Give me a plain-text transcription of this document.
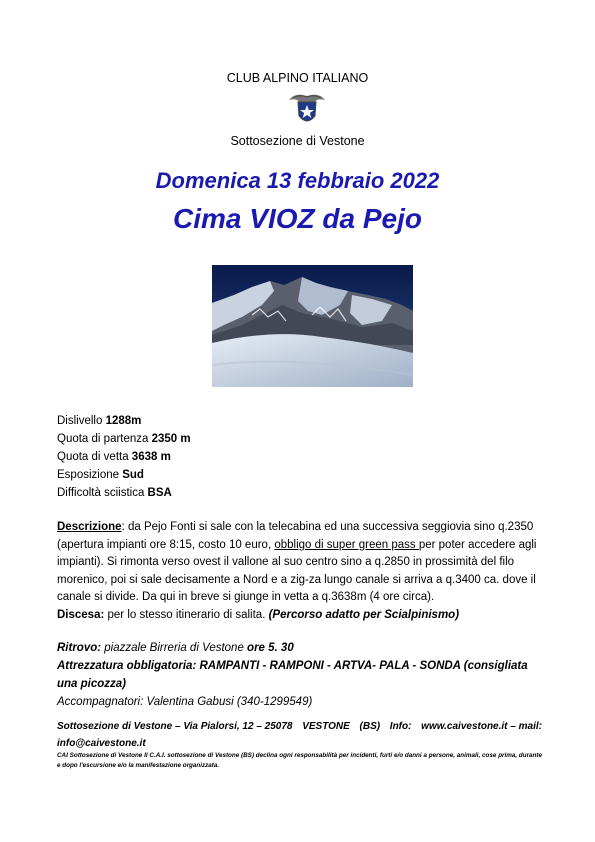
CLUB ALPINO ITALIANO
Sottosezione di Vestone
Domenica 13 febbraio 2022
Cima VIOZ da Pejo
Dislivello 1288m
Quota di partenza 2350 m
Quota di vetta 3638 m
Esposizione Sud
Difficoltà sciistica BSA
Descrizione: da Pejo Fonti si sale con la telecabina ed una successiva seggiovia sino q.2350 (apertura impianti ore 8:15, costo 10 euro, obbligo di super green pass per poter accedere agli impianti). Si rimonta verso ovest il vallone al suo centro sino a q.2850 in prossimità del filo morenico, poi si sale decisamente a Nord e a zig-za lungo canale si arriva a q.3400 ca. dove il canale si divide. Da qui in breve si giunge in vetta a q.3638m (4 ore circa).
Discesa: per lo stesso itinerario di salita. (Percorso adatto per Scialpinismo)
Ritrovo: piazzale Birreria di Vestone ore 5. 30
Attrezzatura obbligatoria: RAMPANTI - RAMPONI - ARTVA- PALA - SONDA (consigliata una picozza)
Accompagnatori: Valentina Gabusi (340-1299549)
Sottosezione di Vestone – Via Pialorsi, 12 – 25078 VESTONE (BS) Info: www.caivestone.it – mail:
info@caivestone.it
CAI Sottosezione di Vestone Il C.A.I. sottosezione di Vestone (BS) declina ogni responsabilità per incidenti, furti e/o danni a persone, animali, cose prima, durante e dopo l'escursione e/o la manifestazione organizzata.
